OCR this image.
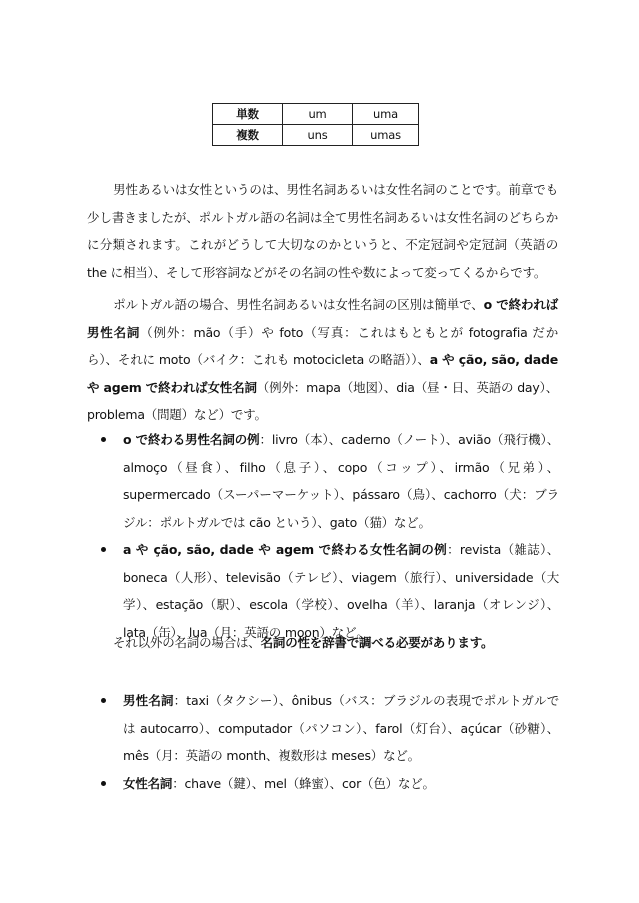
単数	um	uma
複数	uns	umas

男性あるいは女性というのは、男性名詞あるいは女性名詞のことです。前章でも少し書きましたが、ポルトガル語の名詞は全て男性名詞あるいは女性名詞のどちらかに分類されます。これがどうして大切なのかというと、不定冠詞や定冠詞（英語の the に相当）、そして形容詞などがその名詞の性や数によって変ってくるからです。

ポルトガル語の場合、男性名詞あるいは女性名詞の区別は簡単で、o で終われば男性名詞（例外：mão（手）や foto（写真：これはもともとが fotografia だから）、それに moto（バイク：これも motocicleta の略語））、a や ção, são, dade や agem で終われば女性名詞（例外：mapa（地図）、dia（昼・日、英語の day）、problema（問題）など）です。

o で終わる男性名詞の例：livro（本）、caderno（ノート）、avião（飛行機）、almoço（昼食）、filho（息子）、copo（コップ）、irmão（兄弟）、supermercado（スーパーマーケット）、pássaro（鳥）、cachorro（犬：ブラジル：ポルトガルでは cão という）、gato（猫）など。
a や ção, são, dade や agem で終わる女性名詞の例：revista（雑誌）、boneca（人形）、televisão（テレビ）、viagem（旅行）、universidade（大学）、estação（駅）、escola（学校）、ovelha（羊）、laranja（オレンジ）、lata（缶）、lua（月：英語の moon）など。

それ以外の名詞の場合は、名詞の性を辞書で調べる必要があります。

男性名詞：taxi（タクシー）、ônibus（バス：ブラジルの表現でポルトガルでは autocarro）、computador（パソコン）、farol（灯台）、açúcar（砂糖）、mês（月：英語の month、複数形は meses）など。
女性名詞：chave（鍵）、mel（蜂蜜）、cor（色）など。
